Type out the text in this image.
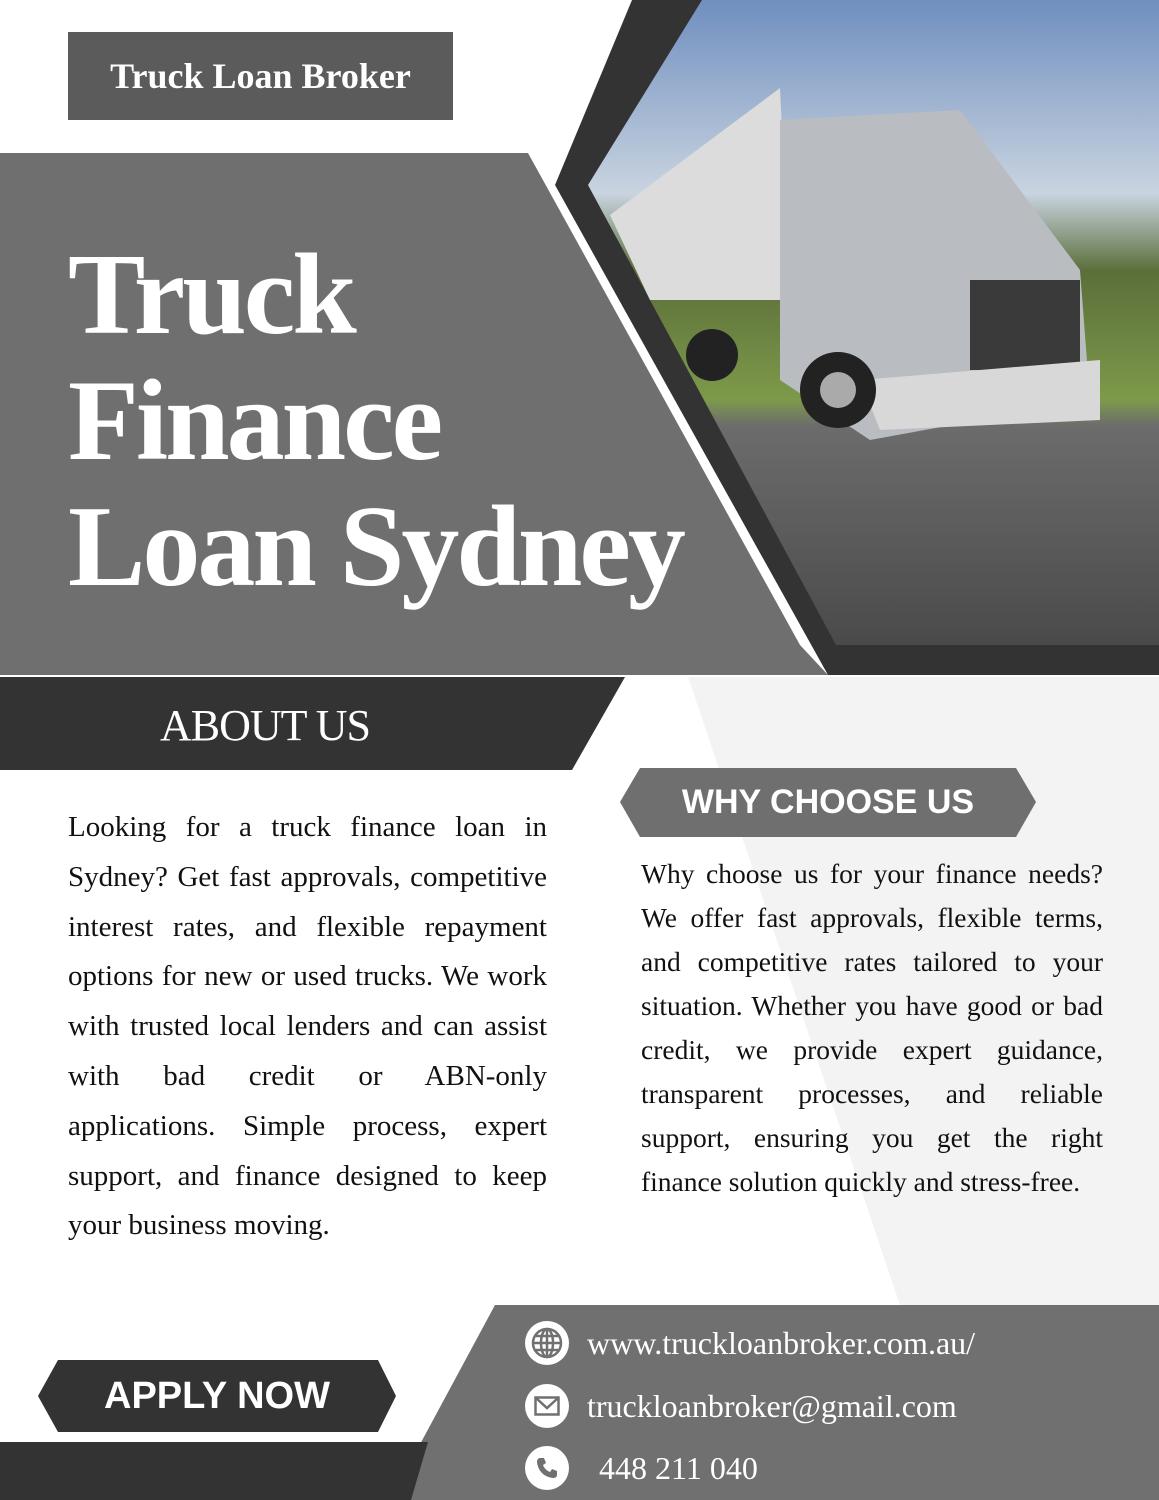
Truck Loan Broker
Truck
Finance
Loan Sydney
ABOUT US
Looking for a truck finance loan in Sydney? Get fast approvals, competitive interest rates, and flexible repayment options for new or used trucks. We work with trusted local lenders and can assist with bad credit or ABN-only applications. Simple process, expert support, and finance designed to keep your business moving.
WHY CHOOSE US
Why choose us for your finance needs? We offer fast approvals, flexible terms, and competitive rates tailored to your situation. Whether you have good or bad credit, we provide expert guidance, transparent processes, and reliable support, ensuring you get the right finance solution quickly and stress-free.
APPLY NOW
www.truckloanbroker.com.au/
truckloanbroker@gmail.com
448 211 040
